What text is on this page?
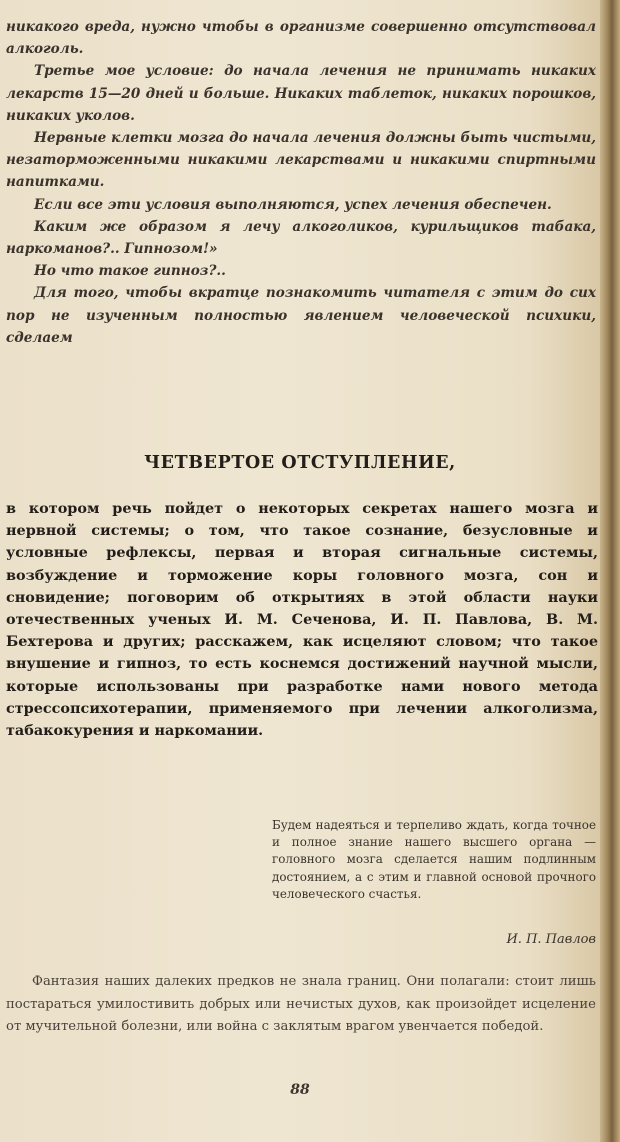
никакого вреда, нужно чтобы в организме совершенно отсутствовал алкоголь.

Третье мое условие: до начала лечения не принимать никаких лекарств 15—20 дней и больше. Никаких таблеток, никаких порошков, никаких уколов.

Нервные клетки мозга до начала лечения должны быть чистыми, незаторможенными никакими лекарствами и никакими спиртными напитками.

Если все эти условия выполняются, успех лечения обеспечен.

Каким же образом я лечу алкоголиков, курильщиков табака, наркоманов?.. Гипнозом!»

Но что такое гипноз?..

Для того, чтобы вкратце познакомить читателя с этим до сих пор не изученным полностью явлением человеческой психики, сделаем

ЧЕТВЕРТОЕ ОТСТУПЛЕНИЕ,

в котором речь пойдет о некоторых секретах нашего мозга и нервной системы; о том, что такое сознание, безусловные и условные рефлексы, первая и вторая сигнальные системы, возбуждение и торможение коры головного мозга, сон и сновидение; поговорим об открытиях в этой области науки отечественных ученых И. М. Сеченова, И. П. Павлова, В. М. Бехтерова и других; расскажем, как исцеляют словом; что такое внушение и гипноз, то есть коснемся достижений научной мысли, которые использованы при разработке нами нового метода стрессопсихотерапии, применяемого при лечении алкоголизма, табакокурения и наркомании.

Будем надеяться и терпеливо ждать, когда точное и полное знание нашего высшего органа — головного мозга сделается нашим подлинным достоянием, а с этим и главной основой прочного человеческого счастья.

И. П. Павлов

Фантазия наших далеких предков не знала границ. Они полагали: стоит лишь постараться умилостивить добрых или нечистых духов, как произойдет исцеление от мучительной болезни, или война с заклятым врагом увенчается победой.

88
